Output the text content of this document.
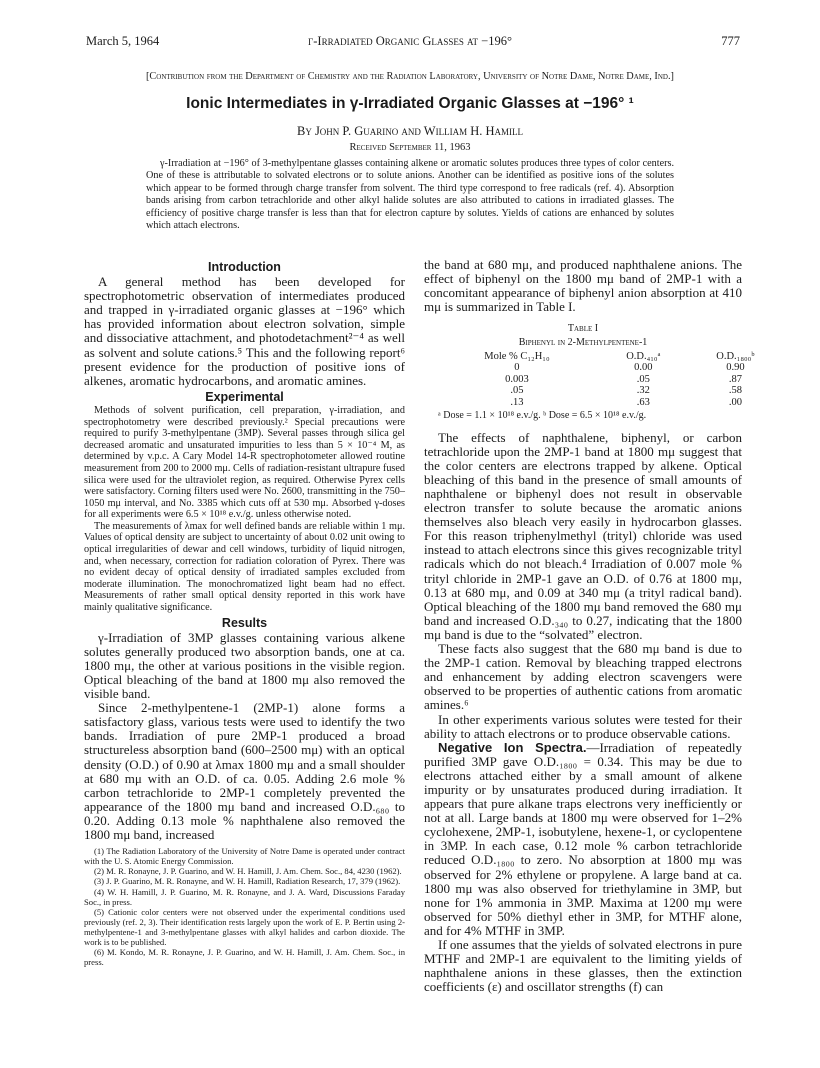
March 5, 1964	γ-Irradiated Organic Glasses at −196°	777
[Contribution from the Department of Chemistry and the Radiation Laboratory, University of Notre Dame, Notre Dame, Ind.]
Ionic Intermediates in γ-Irradiated Organic Glasses at −196° ¹
By John P. Guarino and William H. Hamill
Received September 11, 1963
γ-Irradiation at −196° of 3-methylpentane glasses containing alkene or aromatic solutes produces three types of color centers. One of these is attributable to solvated electrons or to solute anions. Another can be identified as positive ions of the solutes which appear to be formed through charge transfer from solvent. The third type correspond to free radicals (ref. 4). Absorption bands arising from carbon tetrachloride and other alkyl halide solutes are also attributed to cations in irradiated glasses. The efficiency of positive charge transfer is less than that for electron capture by solutes. Yields of cations are enhanced by solutes which attach electrons.
Introduction

A general method has been developed for spectrophotometric observation of intermediates produced and trapped in γ-irradiated organic glasses at −196° which has provided information about electron solvation, simple and dissociative attachment, and photodetachment²⁻⁴ as well as solvent and solute cations.⁵ This and the following report⁶ present evidence for the production of positive ions of alkenes, aromatic hydrocarbons, and aromatic amines.

Experimental

Methods of solvent purification, cell preparation, γ-irradiation, and spectrophotometry were described previously.² Special precautions were required to purify 3-methylpentane (3MP). Several passes through silica gel decreased aromatic and unsaturated impurities to less than 5 × 10⁻⁴ M, as determined by v.p.c. A Cary Model 14-R spectrophotometer allowed routine measurement from 200 to 2000 mμ. Cells of radiation-resistant ultrapure fused silica were used for the ultraviolet region, as required. Otherwise Pyrex cells were satisfactory. Corning filters used were No. 2600, transmitting in the 750–1050 mμ interval, and No. 3385 which cuts off at 530 mμ. Absorbed γ-doses for all experiments were 6.5 × 10¹⁸ e.v./g. unless otherwise noted.

The measurements of λmax for well defined bands are reliable within 1 mμ. Values of optical density are subject to uncertainty of about 0.02 unit owing to optical irregularities of dewar and cell windows, turbidity of liquid nitrogen, and, when necessary, correction for radiation coloration of Pyrex. There was no evident decay of optical density of irradiated samples excluded from moderate illumination. The monochromatized light beam had no effect. Measurements of rather small optical density reported in this work have mainly qualitative significance.

Results

γ-Irradiation of 3MP glasses containing various alkene solutes generally produced two absorption bands, one at ca. 1800 mμ, the other at various positions in the visible region. Optical bleaching of the band at 1800 mμ also removed the visible band.

Since 2-methylpentene-1 (2MP-1) alone forms a satisfactory glass, various tests were used to identify the two bands. Irradiation of pure 2MP-1 produced a broad structureless absorption band (600–2500 mμ) with an optical density (O.D.) of 0.90 at λmax 1800 mμ and a small shoulder at 680 mμ with an O.D. of ca. 0.05. Adding 2.6 mole % carbon tetrachloride to 2MP-1 completely prevented the appearance of the 1800 mμ band and increased O.D.₆₈₀ to 0.20. Adding 0.13 mole % naphthalene also removed the 1800 mμ band, increased

(1) The Radiation Laboratory of the University of Notre Dame is operated under contract with the U. S. Atomic Energy Commission.

(2) M. R. Ronayne, J. P. Guarino, and W. H. Hamill, J. Am. Chem. Soc., 84, 4230 (1962).

(3) J. P. Guarino, M. R. Ronayne, and W. H. Hamill, Radiation Research, 17, 379 (1962).

(4) W. H. Hamill, J. P. Guarino, M. R. Ronayne, and J. A. Ward, Discussions Faraday Soc., in press.

(5) Cationic color centers were not observed under the experimental conditions used previously (ref. 2, 3). Their identification rests largely upon the work of E. P. Bertin using 2-methylpentene-1 and 3-methylpentane glasses with alkyl halides and carbon dioxide. The work is to be published.

(6) M. Kondo, M. R. Ronayne, J. P. Guarino, and W. H. Hamill, J. Am. Chem. Soc., in press.

the band at 680 mμ, and produced naphthalene anions. The effect of biphenyl on the 1800 mμ band of 2MP-1 with a concomitant appearance of biphenyl anion absorption at 410 mμ is summarized in Table I.

Table I
Biphenyl in 2-Methylpentene-1
Mole % C₁₂H₁₀	O.D.₄₁₀ᵃ	O.D.₁₈₀₀ᵇ
0	0.00	0.90
0.003	.05	.87
.05	.32	.58
.13	.63	.00
ᵃ Dose = 1.1 × 10¹⁸ e.v./g. ᵇ Dose = 6.5 × 10¹⁸ e.v./g.

The effects of naphthalene, biphenyl, or carbon tetrachloride upon the 2MP-1 band at 1800 mμ suggest that the color centers are electrons trapped by alkene. Optical bleaching of this band in the presence of small amounts of naphthalene or biphenyl does not result in observable electron transfer to solute because the aromatic anions themselves also bleach very easily in hydrocarbon glasses. For this reason triphenylmethyl (trityl) chloride was used instead to attach electrons since this gives recognizable trityl radicals which do not bleach.⁴ Irradiation of 0.007 mole % trityl chloride in 2MP-1 gave an O.D. of 0.76 at 1800 mμ, 0.13 at 680 mμ, and 0.09 at 340 mμ (a trityl radical band). Optical bleaching of the 1800 mμ band removed the 680 mμ band and increased O.D.₃₄₀ to 0.27, indicating that the 1800 mμ band is due to the “solvated” electron.

These facts also suggest that the 680 mμ band is due to the 2MP-1 cation. Removal by bleaching trapped electrons and enhancement by adding electron scavengers were observed to be properties of authentic cations from aromatic amines.⁶

In other experiments various solutes were tested for their ability to attach electrons or to produce observable cations.

Negative Ion Spectra.—Irradiation of repeatedly purified 3MP gave O.D.₁₈₀₀ = 0.34. This may be due to electrons attached either by a small amount of alkene impurity or by unsaturates produced during irradiation. It appears that pure alkane traps electrons very inefficiently or not at all. Large bands at 1800 mμ were observed for 1–2% cyclohexene, 2MP-1, isobutylene, hexene-1, or cyclopentene in 3MP. In each case, 0.12 mole % carbon tetrachloride reduced O.D.₁₈₀₀ to zero. No absorption at 1800 mμ was observed for 2% ethylene or propylene. A large band at ca. 1800 mμ was also observed for triethylamine in 3MP, but none for 1% ammonia in 3MP. Maxima at 1200 mμ were observed for 50% diethyl ether in 3MP, for MTHF alone, and for 4% MTHF in 3MP.

If one assumes that the yields of solvated electrons in pure MTHF and 2MP-1 are equivalent to the limiting yields of naphthalene anions in these glasses, then the extinction coefficients (ε) and oscillator strengths (f) can
